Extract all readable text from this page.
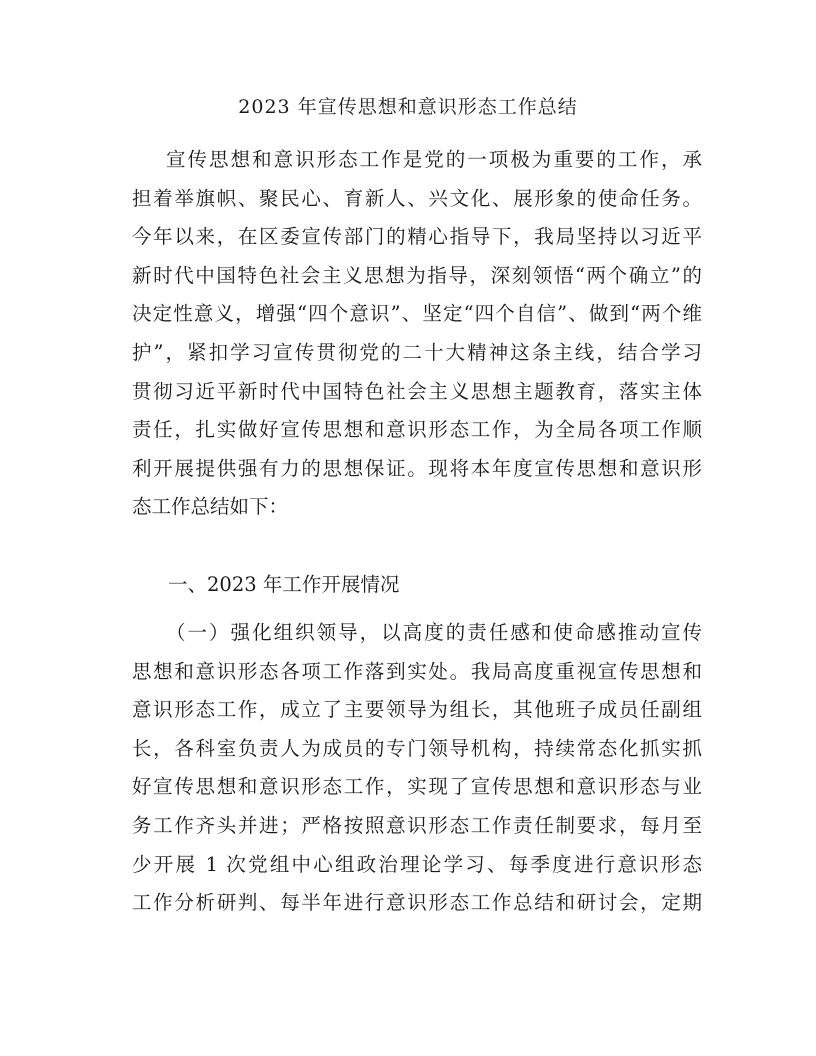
2023 年宣传思想和意识形态工作总结
宣传思想和意识形态工作是党的一项极为重要的工作，承
担着举旗帜、聚民心、育新人、兴文化、展形象的使命任务。
今年以来，在区委宣传部门的精心指导下，我局坚持以习近平
新时代中国特色社会主义思想为指导，深刻领悟“两个确立”的
决定性意义，增强“四个意识”、坚定“四个自信”、做到“两个维
护”，紧扣学习宣传贯彻党的二十大精神这条主线，结合学习
贯彻习近平新时代中国特色社会主义思想主题教育，落实主体
责任，扎实做好宣传思想和意识形态工作，为全局各项工作顺
利开展提供强有力的思想保证。现将本年度宣传思想和意识形
态工作总结如下：
一、2023 年工作开展情况
（一）强化组织领导，以高度的责任感和使命感推动宣传
思想和意识形态各项工作落到实处。我局高度重视宣传思想和
意识形态工作，成立了主要领导为组长，其他班子成员任副组
长，各科室负责人为成员的专门领导机构，持续常态化抓实抓
好宣传思想和意识形态工作，实现了宣传思想和意识形态与业
务工作齐头并进；严格按照意识形态工作责任制要求，每月至
少开展 1 次党组中心组政治理论学习、每季度进行意识形态
工作分析研判、每半年进行意识形态工作总结和研讨会，定期
